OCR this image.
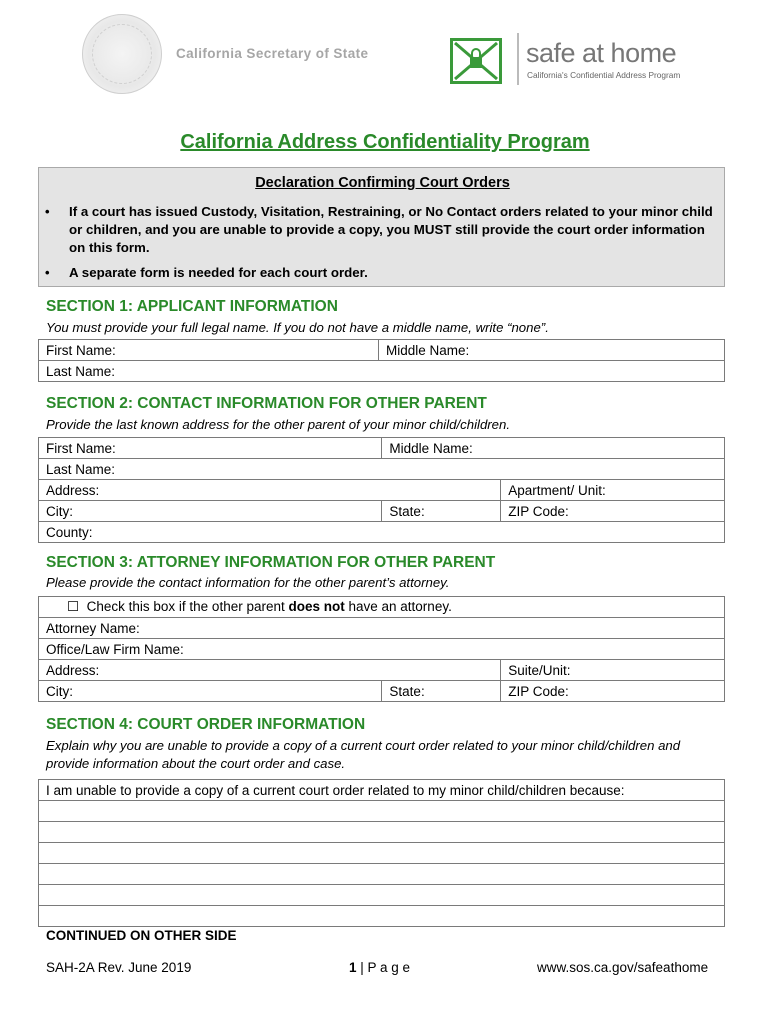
California Secretary of State	safe at home
California's Confidential Address Program
California Address Confidentiality Program
Declaration Confirming Court Orders
• If a court has issued Custody, Visitation, Restraining, or No Contact orders related to your minor child or children, and you are unable to provide a copy, you MUST still provide the court order information on this form.
• A separate form is needed for each court order.
SECTION 1: APPLICANT INFORMATION
You must provide your full legal name. If you do not have a middle name, write “none”.
First Name:	Middle Name:
Last Name:
SECTION 2: CONTACT INFORMATION FOR OTHER PARENT
Provide the last known address for the other parent of your minor child/children.
First Name:	Middle Name:	
Last Name:		
Address:		Apartment/ Unit:
City:	State:	ZIP Code:
County:		
SECTION 3: ATTORNEY INFORMATION FOR OTHER PARENT
Please provide the contact information for the other parent’s attorney.
☐ Check this box if the other parent does not have an attorney.		
Attorney Name:		
Office/Law Firm Name:		
Address:		Suite/Unit:
City:	State:	ZIP Code:
SECTION 4: COURT ORDER INFORMATION
Explain why you are unable to provide a copy of a current court order related to your minor child/children and provide information about the court order and case.
I am unable to provide a copy of a current court order related to my minor child/children because:

CONTINUED ON OTHER SIDE
SAH-2A Rev. June 2019	1 | P a g e	www.sos.ca.gov/safeathome
